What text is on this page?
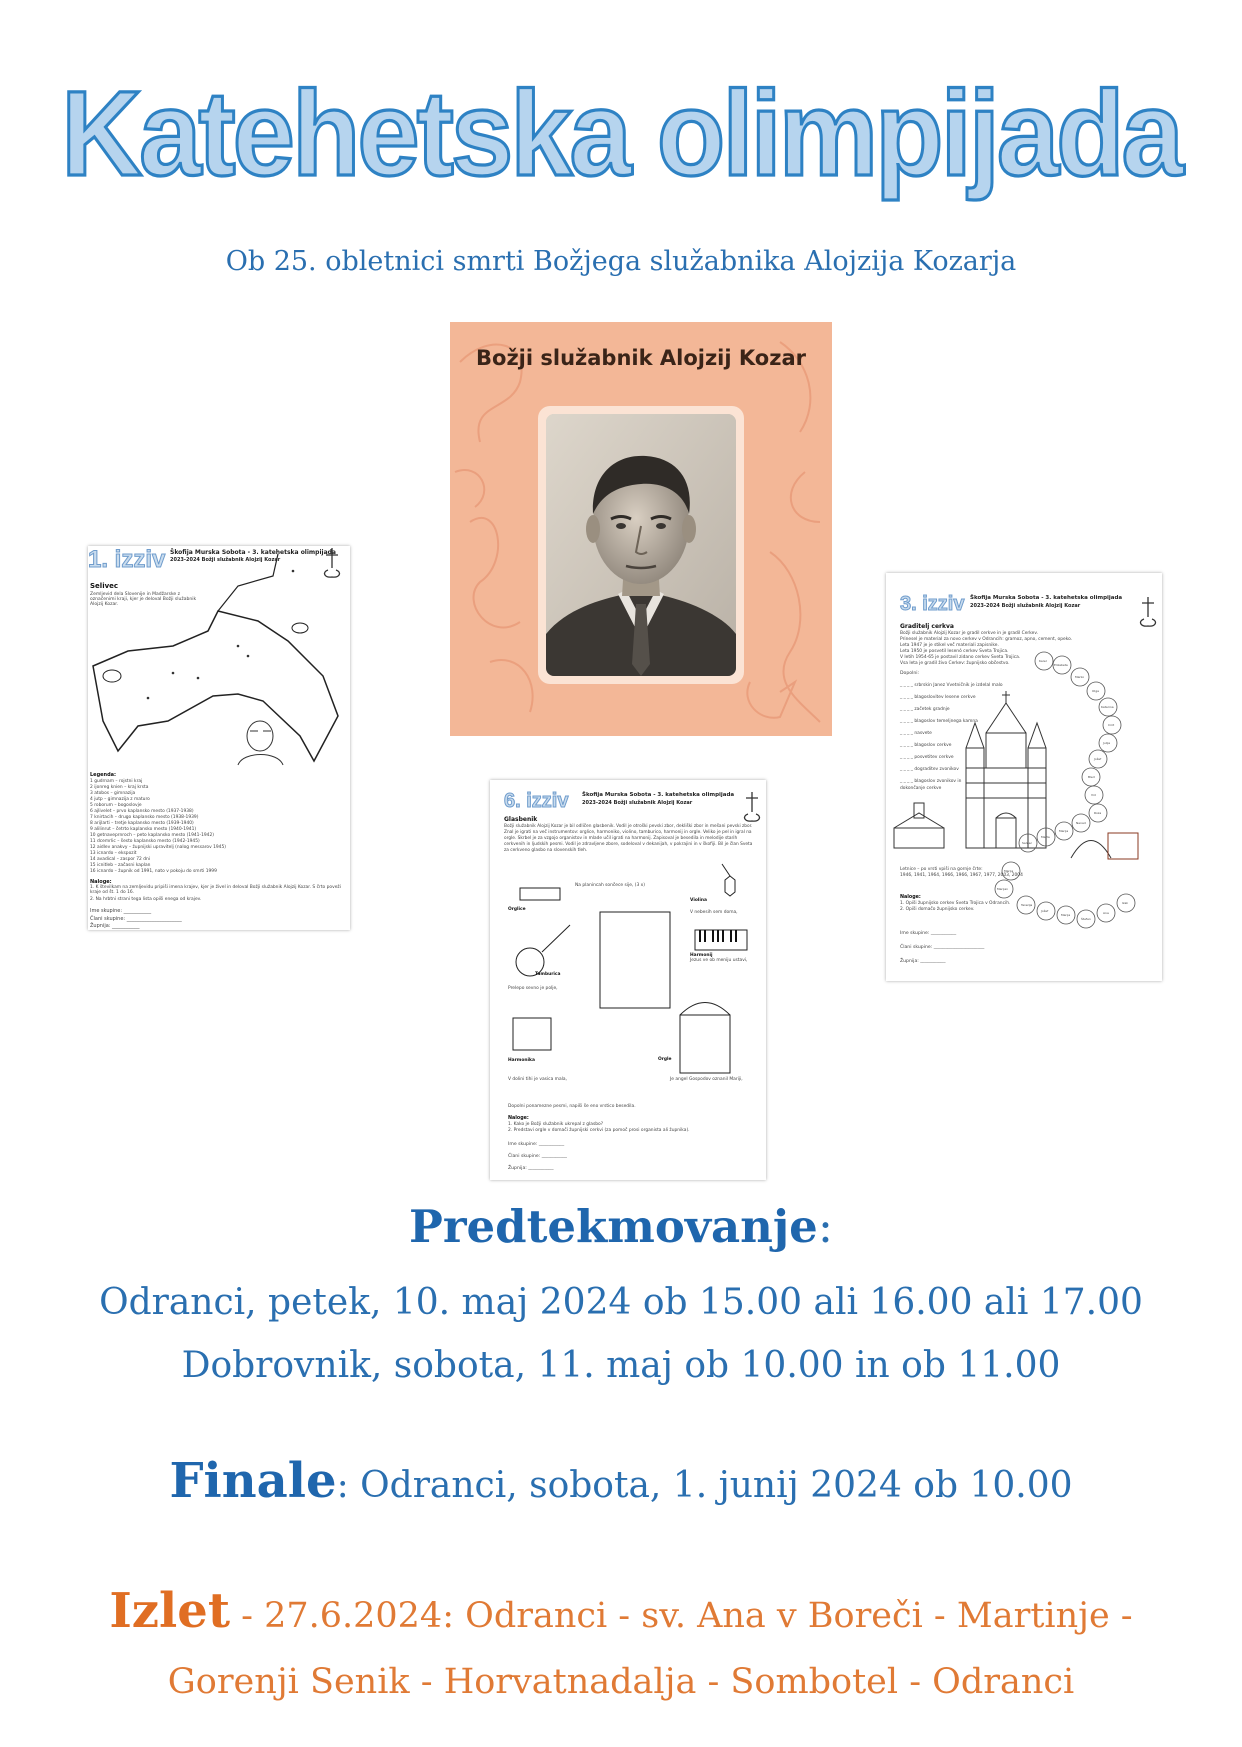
Katehetska olimpijada
Ob 25. obletnici smrti Božjega služabnika Alojzija Kozarja
Božji služabnik Alojzij Kozar
1. izziv Škofija Murska Sobota - 3. katehetska olimpijada
2023-2024 Božji služabnik Alojzij Kozar
Selivec
Zemljevid dela Slovenije in Madžarske z označenimi kraji, kjer je deloval Božji služabnik Alojzij Kozar.
Legenda:
1 gudrnam – rojstni kraj
2 ijonreg knien – kraj krsta
3 atobos – gimnazija
4 jutp – gimnazija z maturo
5 roborum – bogoslovje
6 ajlivelet – prvo kaplansko mesto (1937-1938)
7 knirtacih – drugo kaplansko mesto (1938-1939)
8 arijlarti – tretje kaplansko mesto (1939-1940)
9 alilinrut – četrto kaplansko mesto (1940-1941)
10 getnaveprnroch – peto kaplansko mesto (1941-1942)
11 dcemrlic – šesto kaplansko mesto (1942-1945)
12 aidlev anakvy – župnijski upravitelj (nalog messarov 1945)
13 icnardo – ekspozit
14 avadical – zaspor 72 dni
15 icnitleb – začasni kaplan
16 icnardo – župnik od 1991, nato v pokoju do smrti 1999
Naloge:
1. K številkam na zemljevidu pripiši imena krajev, kjer je živel in deloval Božji služabnik Alojzij Kozar. S črto poveži kraje od št. 1 do 16.
2. Na hrbtni strani tega lista opiši enega od krajev.
Ime skupine: ___________
Člani skupine: ______________________
Župnija: ___________
3. izziv Škofija Murska Sobota - 3. katehetska olimpijada
2023-2024 Božji služabnik Alojzij Kozar
Graditelj cerkva
Božji služabnik Alojzij Kozar je gradil cerkve in je gradil Cerkev.
Prinesel je material za novo cerkev v Odrancih: gramoz, apno, cement, opeko.
Leta 1947 je je stikel več materiali zapisnike.
Leta 1950 je posvetil lesenó cerkev Sveta Trojica.
V letih 1954-65 je postavil zidano cerkev Sveta Trojica.
Vsa leta je gradil živo Cerkev: župnijsko občestvo.
Dopolni:
_ _ _ _ srbrskin Janez Vvetničnik je izdelal malo
_ _ _ _ blagoslovitev lesene cerkve
_ _ _ _ začetek gradnje
_ _ _ _ blagoslov temeljnega kamna
_ _ _ _ nasvete
_ _ _ _ blagoslov cerkve
_ _ _ _ posvetitev cerkve
_ _ _ _ dograditev zvonikov
_ _ _ _ blagoslov zvonikov in
dokončanje cerkve
Karel
Elizabeta
Marko
Olga
Katarina
Cirit
Julija
Jožef
Bled
Vid
Roza
Nenad
Marija
Marta
Samec
Marija
Marijan
Terezija
Jožef
Marija
Štefan
Ana
Izak
Letnice – po vrsti vpiši na gornje črte:
1946, 1941, 1964, 1966, 1966, 1967, 1977, 2003, 2004
Naloge:
1. Opiši župnijsko cerkev Sveta Trojica v Odrancih.
2. Opiši domačo župnijsko cerkev.
Ime skupine: ___________
Člani skupine: ______________________
Župnija: ___________
6. izziv Škofija Murska Sobota - 3. katehetska olimpijada
2023-2024 Božji služabnik Alojzij Kozar
Glasbenik
Božji služabnik Alojzij Kozar je bil odličen glasbenik. Vodil je otroški pevski zbor, dekliški zbor in mešani pevski zbor. Znal je igrati na več instrumentov: orglice, harmoniko, violino, tamburico, harmonij in orgle. Veliko je pel in igral na orgle. Skrbel je za vzgojo organistov in mlade učil igrati na harmonij. Zapisoval je besedila in melodije starih cerkvenih in ljudskih pesmi. Vodil je zdravljene zbore, sodeloval v dekanijah, v pokrajini in v škofiji. Bil je član Sveta za cerkveno glasbo na slovenskih tleh.
Na planincah sončece sije, (3 x)
V nebesih sem doma,
Jezus ve ob meniju ustavi,
Prelepo sevno je polje,
V dolini tihi je vasica mala,	Je angel Gospodov oznanil Mariji,
Orglice
Tamburica
Harmonika
Violina
Harmonij
Orgle
Dopolni ponamezne pesmi, napiši še eno vrstico besedila.
Naloge:
1. Kako je Božji služabnik ukrepal z glasbo?
2. Predstavi orgle v domači župnijski cerkvi (za pomoč prosi organista ali župnika).
Ime skupine: ___________
Člani skupine: ___________
Župnija: ___________
Predtekmovanje:
Odranci, petek, 10. maj 2024 ob 15.00 ali 16.00 ali 17.00
Dobrovnik, sobota, 11. maj ob 10.00 in ob 11.00
Finale: Odranci, sobota, 1. junij 2024 ob 10.00
Izlet - 27.6.2024: Odranci - sv. Ana v Boreči - Martinje - Gorenji Senik - Horvatnadalja - Sombotel - Odranci
